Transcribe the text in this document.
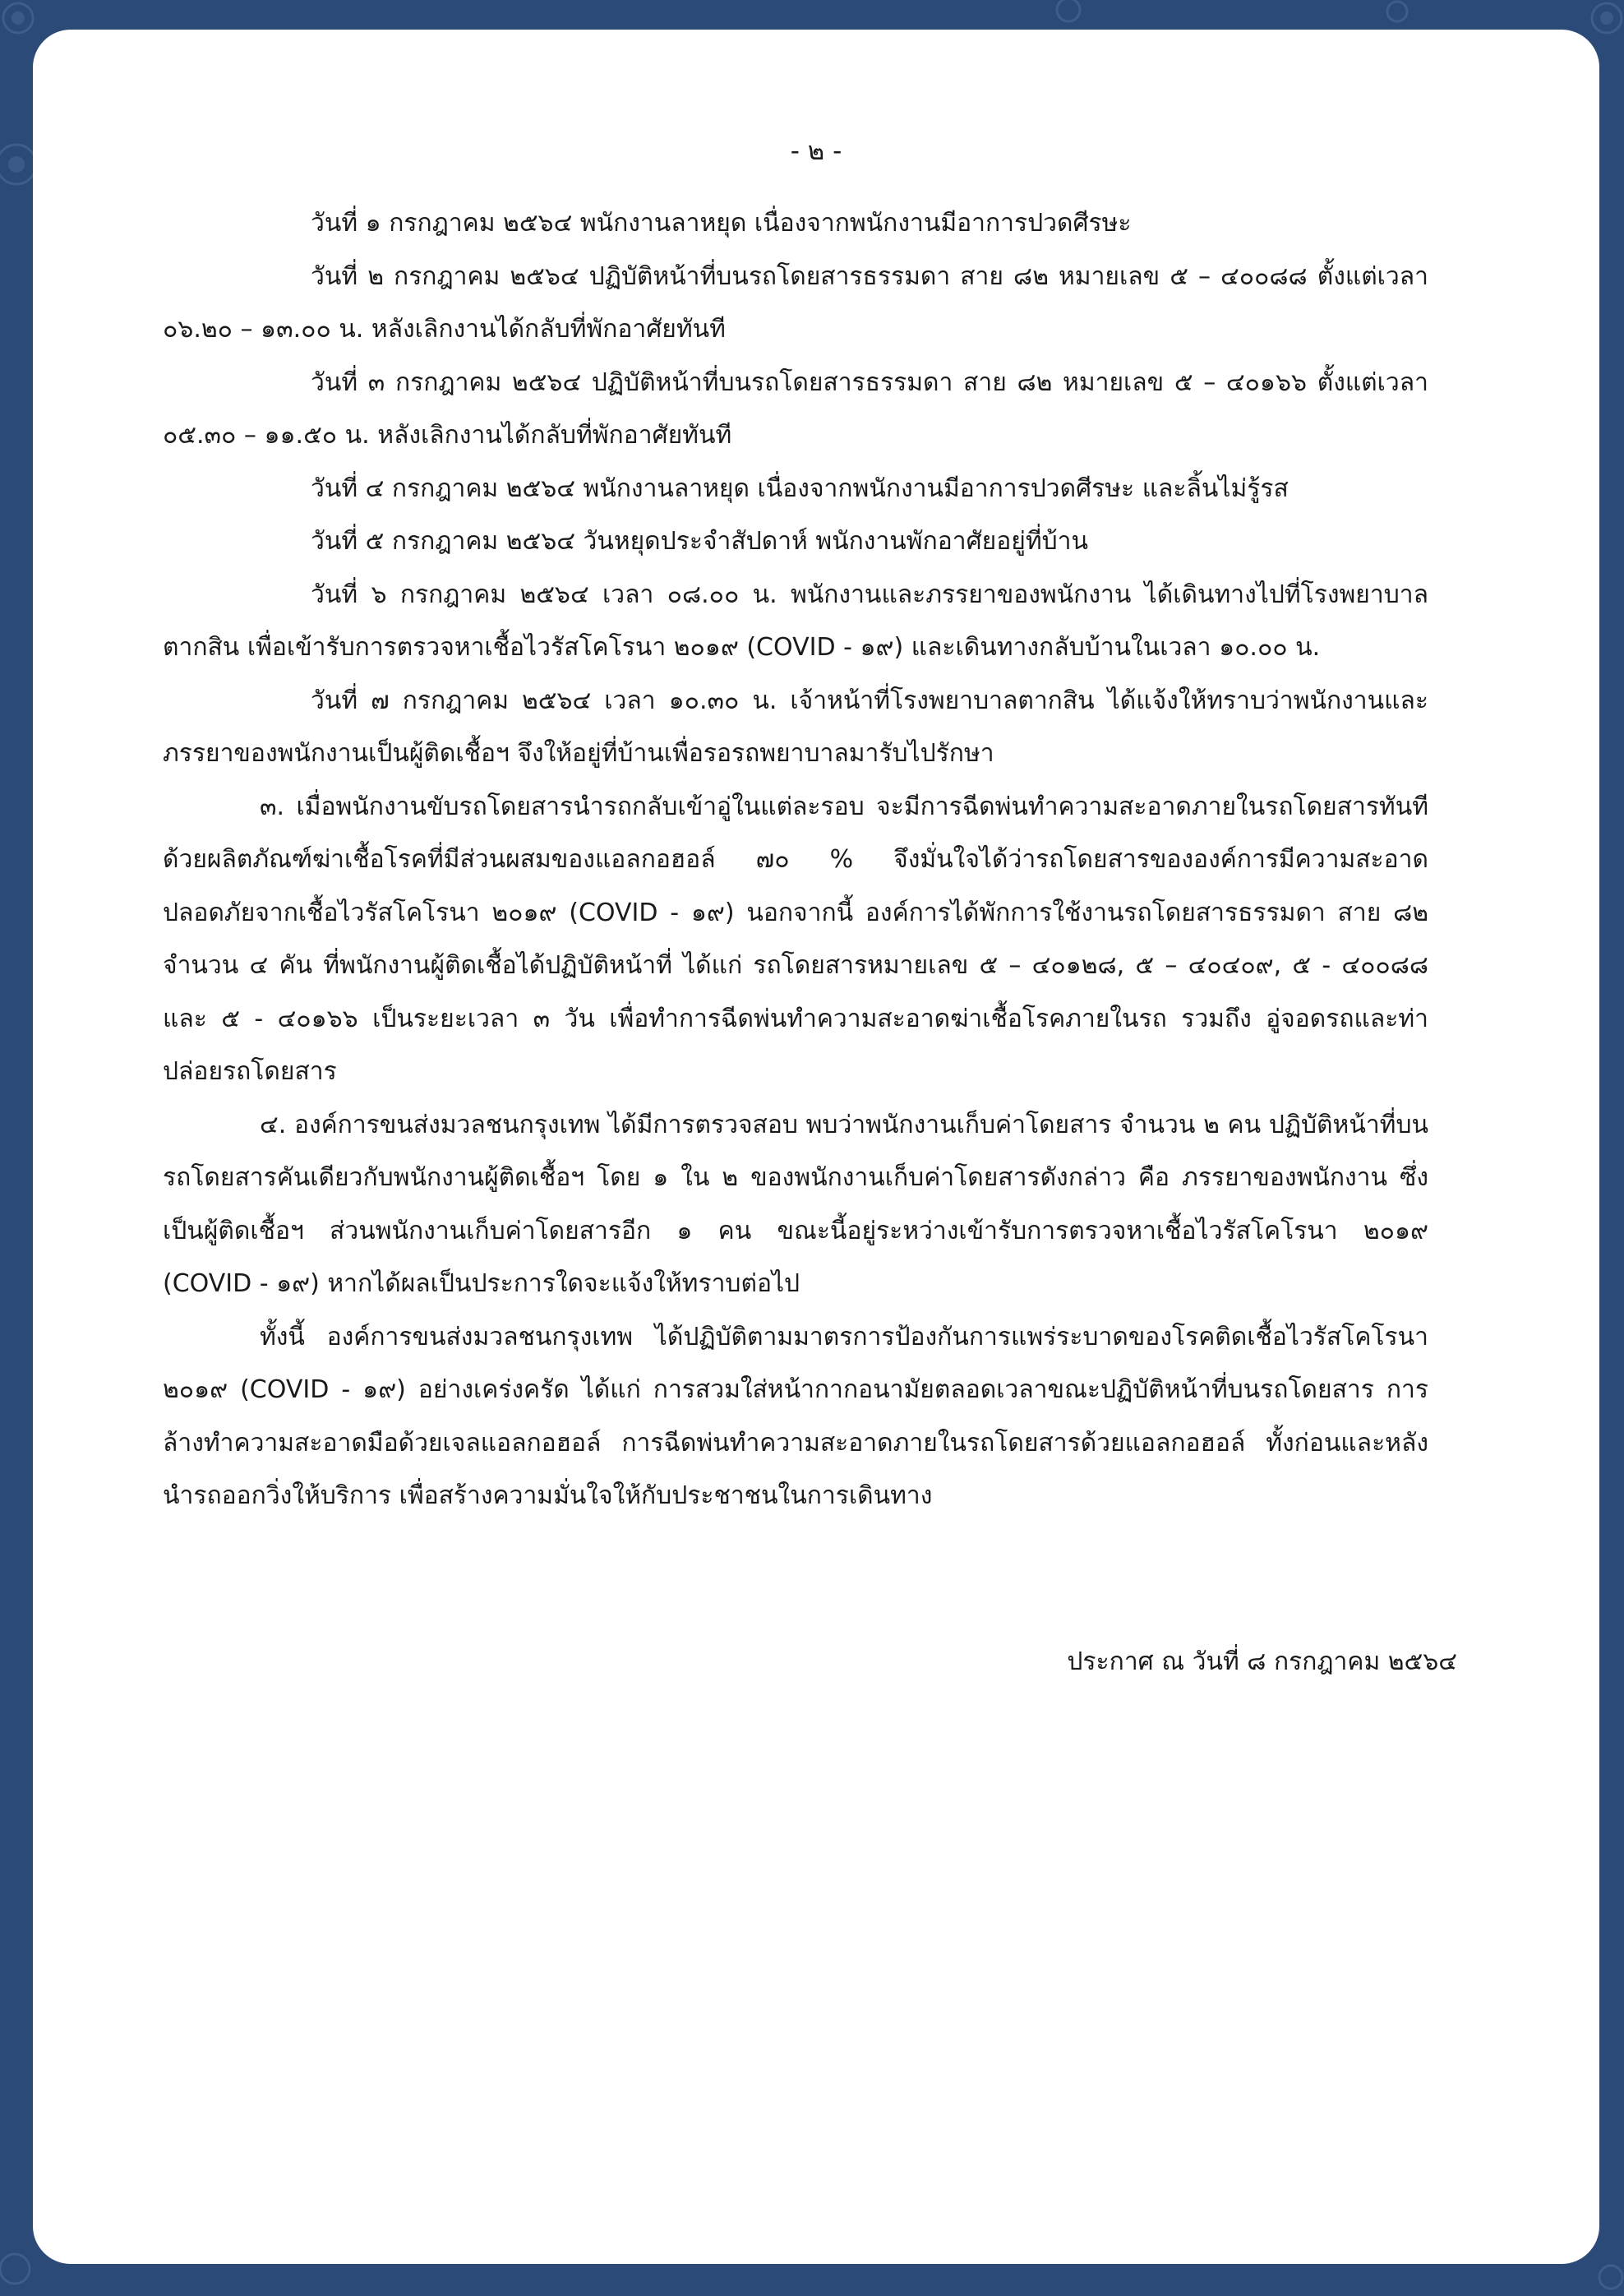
- ๒ -

วันที่ ๑ กรกฎาคม ๒๕๖๔ พนักงานลาหยุด เนื่องจากพนักงานมีอาการปวดศีรษะ

วันที่ ๒ กรกฎาคม ๒๕๖๔ ปฏิบัติหน้าที่บนรถโดยสารธรรมดา สาย ๘๒ หมายเลข ๕ – ๔๐๐๘๘ ตั้งแต่เวลา ๐๖.๒๐ – ๑๓.๐๐ น. หลังเลิกงานได้กลับที่พักอาศัยทันที

วันที่ ๓ กรกฎาคม ๒๕๖๔ ปฏิบัติหน้าที่บนรถโดยสารธรรมดา สาย ๘๒ หมายเลข ๕ – ๔๐๑๖๖ ตั้งแต่เวลา ๐๕.๓๐ – ๑๑.๕๐ น. หลังเลิกงานได้กลับที่พักอาศัยทันที

วันที่ ๔ กรกฎาคม ๒๕๖๔ พนักงานลาหยุด เนื่องจากพนักงานมีอาการปวดศีรษะ และลิ้นไม่รู้รส

วันที่ ๕ กรกฎาคม ๒๕๖๔ วันหยุดประจำสัปดาห์ พนักงานพักอาศัยอยู่ที่บ้าน

วันที่ ๖ กรกฎาคม ๒๕๖๔ เวลา ๐๘.๐๐ น. พนักงานและภรรยาของพนักงาน ได้เดินทางไปที่โรงพยาบาลตากสิน เพื่อเข้ารับการตรวจหาเชื้อไวรัสโคโรนา ๒๐๑๙ (COVID - ๑๙) และเดินทางกลับบ้านในเวลา ๑๐.๐๐ น.

วันที่ ๗ กรกฎาคม ๒๕๖๔ เวลา ๑๐.๓๐ น. เจ้าหน้าที่โรงพยาบาลตากสิน ได้แจ้งให้ทราบว่าพนักงานและภรรยาของพนักงานเป็นผู้ติดเชื้อฯ จึงให้อยู่ที่บ้านเพื่อรอรถพยาบาลมารับไปรักษา

๓. เมื่อพนักงานขับรถโดยสารนำรถกลับเข้าอู่ในแต่ละรอบ จะมีการฉีดพ่นทำความสะอาดภายในรถโดยสารทันทีด้วยผลิตภัณฑ์ฆ่าเชื้อโรคที่มีส่วนผสมของแอลกอฮอล์ ๗๐ % จึงมั่นใจได้ว่ารถโดยสารขององค์การมีความสะอาด ปลอดภัยจากเชื้อไวรัสโคโรนา ๒๐๑๙ (COVID - ๑๙) นอกจากนี้ องค์การได้พักการใช้งานรถโดยสารธรรมดา สาย ๘๒ จำนวน ๔ คัน ที่พนักงานผู้ติดเชื้อได้ปฏิบัติหน้าที่ ได้แก่ รถโดยสารหมายเลข ๕ – ๔๐๑๒๘, ๕ – ๔๐๔๐๙, ๕ - ๔๐๐๘๘ และ ๕ - ๔๐๑๖๖ เป็นระยะเวลา ๓ วัน เพื่อทำการฉีดพ่นทำความสะอาดฆ่าเชื้อโรคภายในรถ รวมถึง อู่จอดรถและท่าปล่อยรถโดยสาร

๔. องค์การขนส่งมวลชนกรุงเทพ ได้มีการตรวจสอบ พบว่าพนักงานเก็บค่าโดยสาร จำนวน ๒ คน ปฏิบัติหน้าที่บนรถโดยสารคันเดียวกับพนักงานผู้ติดเชื้อฯ โดย ๑ ใน ๒ ของพนักงานเก็บค่าโดยสารดังกล่าว คือ ภรรยาของพนักงาน ซึ่งเป็นผู้ติดเชื้อฯ ส่วนพนักงานเก็บค่าโดยสารอีก ๑ คน ขณะนี้อยู่ระหว่างเข้ารับการตรวจหาเชื้อไวรัสโคโรนา ๒๐๑๙ (COVID - ๑๙) หากได้ผลเป็นประการใดจะแจ้งให้ทราบต่อไป

ทั้งนี้ องค์การขนส่งมวลชนกรุงเทพ ได้ปฏิบัติตามมาตรการป้องกันการแพร่ระบาดของโรคติดเชื้อไวรัสโคโรนา ๒๐๑๙ (COVID - ๑๙) อย่างเคร่งครัด ได้แก่ การสวมใส่หน้ากากอนามัยตลอดเวลาขณะปฏิบัติหน้าที่บนรถโดยสาร การล้างทำความสะอาดมือด้วยเจลแอลกอฮอล์ การฉีดพ่นทำความสะอาดภายในรถโดยสารด้วยแอลกอฮอล์ ทั้งก่อนและหลังนำรถออกวิ่งให้บริการ เพื่อสร้างความมั่นใจให้กับประชาชนในการเดินทาง

ประกาศ ณ วันที่ ๘ กรกฎาคม ๒๕๖๔
